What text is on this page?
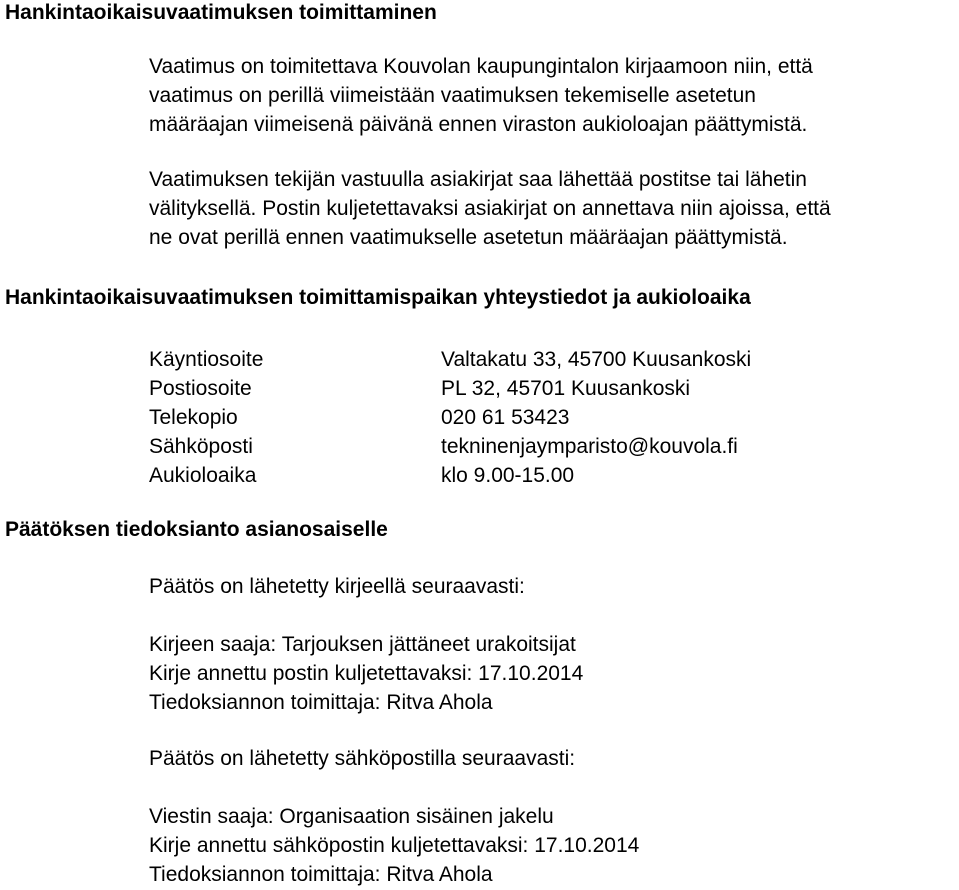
Hankintaoikaisuvaatimuksen toimittaminen

Vaatimus on toimitettava Kouvolan kaupungintalon kirjaamoon niin, että
vaatimus on perillä viimeistään vaatimuksen tekemiselle asetetun
määräajan viimeisenä päivänä ennen viraston aukioloajan päättymistä.

Vaatimuksen tekijän vastuulla asiakirjat saa lähettää postitse tai lähetin
välityksellä. Postin kuljetettavaksi asiakirjat on annettava niin ajoissa, että
ne ovat perillä ennen vaatimukselle asetetun määräajan päättymistä.

Hankintaoikaisuvaatimuksen toimittamispaikan yhteystiedot ja aukioloaika
Käyntiosoite	Valtakatu 33, 45700 Kuusankoski
Postiosoite	PL 32, 45701 Kuusankoski
Telekopio	020 61 53423
Sähköposti	tekninenjaymparisto@kouvola.fi
Aukioloaika	klo 9.00-15.00
Päätöksen tiedoksianto asianosaiselle

Päätös on lähetetty kirjeellä seuraavasti:

Kirjeen saaja: Tarjouksen jättäneet urakoitsijat
Kirje annettu postin kuljetettavaksi: 17.10.2014
Tiedoksiannon toimittaja: Ritva Ahola

Päätös on lähetetty sähköpostilla seuraavasti:

Viestin saaja: Organisaation sisäinen jakelu
Kirje annettu sähköpostin kuljetettavaksi: 17.10.2014
Tiedoksiannon toimittaja: Ritva Ahola
